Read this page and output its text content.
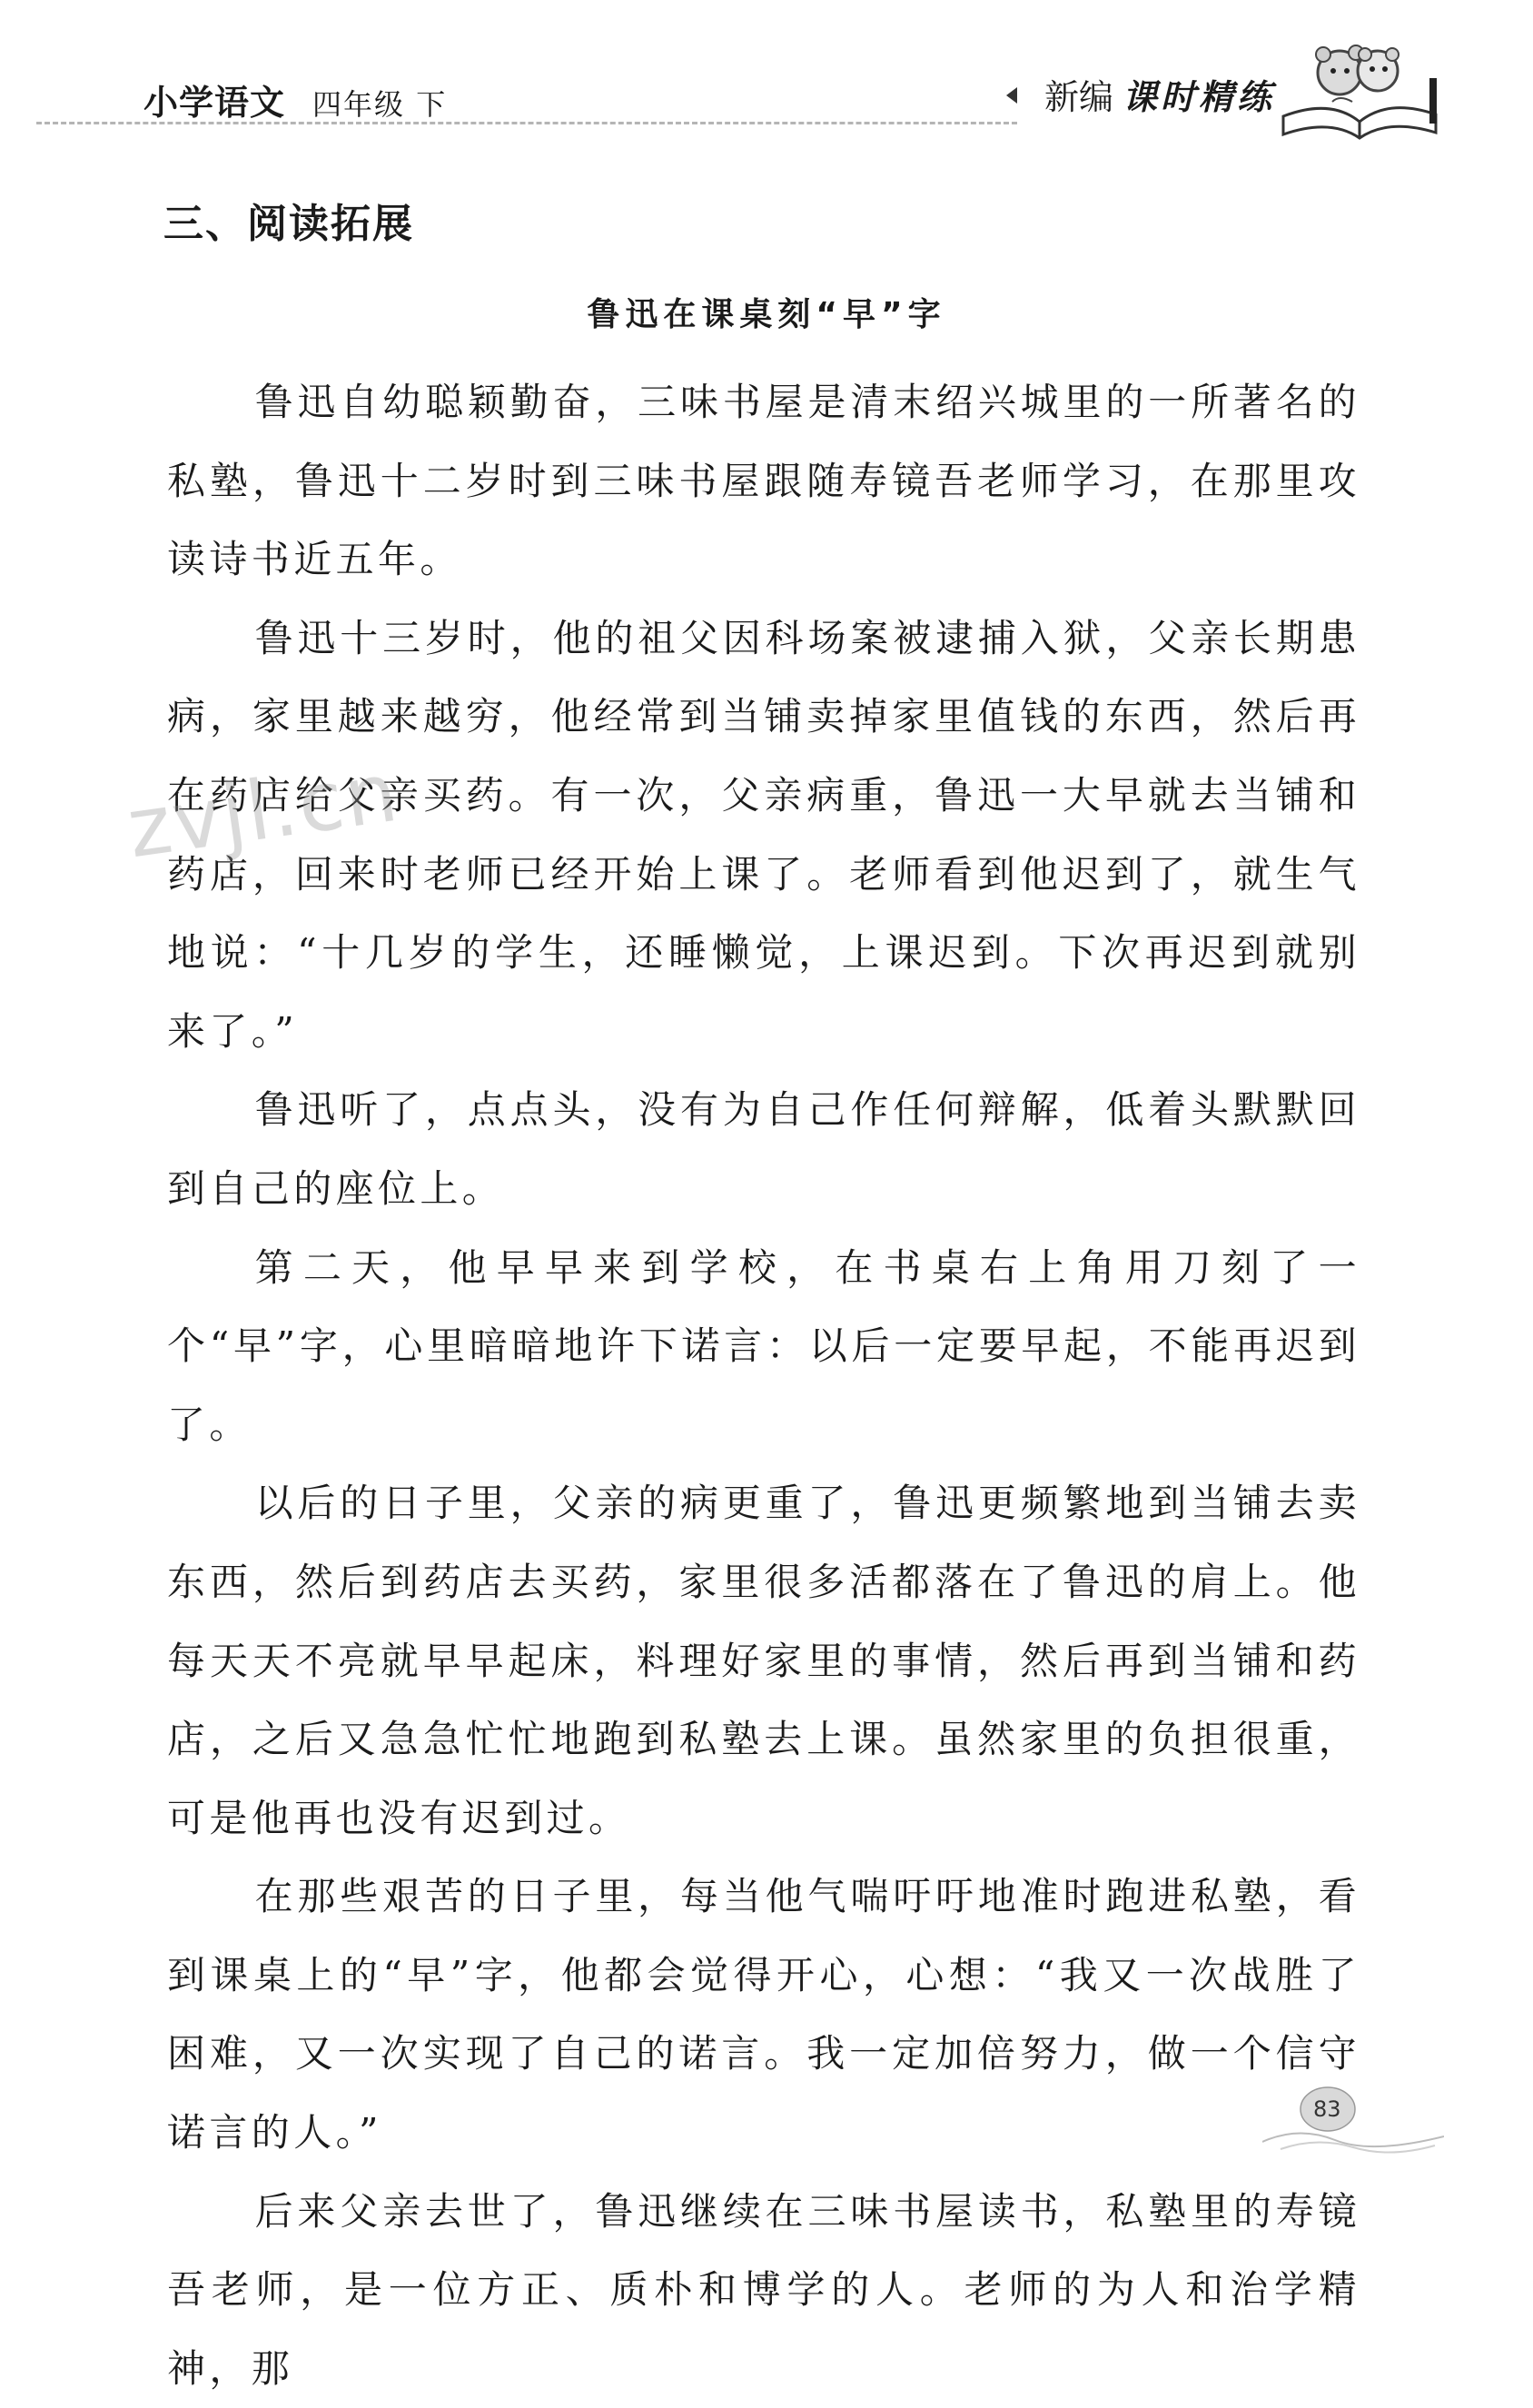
小学语文 四年级 下	新编 课时精练
三、阅读拓展
鲁迅在课桌刻“早”字

鲁迅自幼聪颖勤奋，三味书屋是清末绍兴城里的一所著名的私塾，鲁迅十二岁时到三味书屋跟随寿镜吾老师学习，在那里攻读诗书近五年。

鲁迅十三岁时，他的祖父因科场案被逮捕入狱，父亲长期患病，家里越来越穷，他经常到当铺卖掉家里值钱的东西，然后再在药店给父亲买药。有一次，父亲病重，鲁迅一大早就去当铺和药店，回来时老师已经开始上课了。老师看到他迟到了，就生气地说：“十几岁的学生，还睡懒觉，上课迟到。下次再迟到就别来了。”

鲁迅听了，点点头，没有为自己作任何辩解，低着头默默回到自己的座位上。

第二天，他早早来到学校，在书桌右上角用刀刻了一个“早”字，心里暗暗地许下诺言：以后一定要早起，不能再迟到了。

以后的日子里，父亲的病更重了，鲁迅更频繁地到当铺去卖东西，然后到药店去买药，家里很多活都落在了鲁迅的肩上。他每天天不亮就早早起床，料理好家里的事情，然后再到当铺和药店，之后又急急忙忙地跑到私塾去上课。虽然家里的负担很重，可是他再也没有迟到过。

在那些艰苦的日子里，每当他气喘吁吁地准时跑进私塾，看到课桌上的“早”字，他都会觉得开心，心想：“我又一次战胜了困难，又一次实现了自己的诺言。我一定加倍努力，做一个信守诺言的人。”

后来父亲去世了，鲁迅继续在三味书屋读书，私塾里的寿镜吾老师，是一位方正、质朴和博学的人。老师的为人和治学精神，那

zvjl.cn
83
